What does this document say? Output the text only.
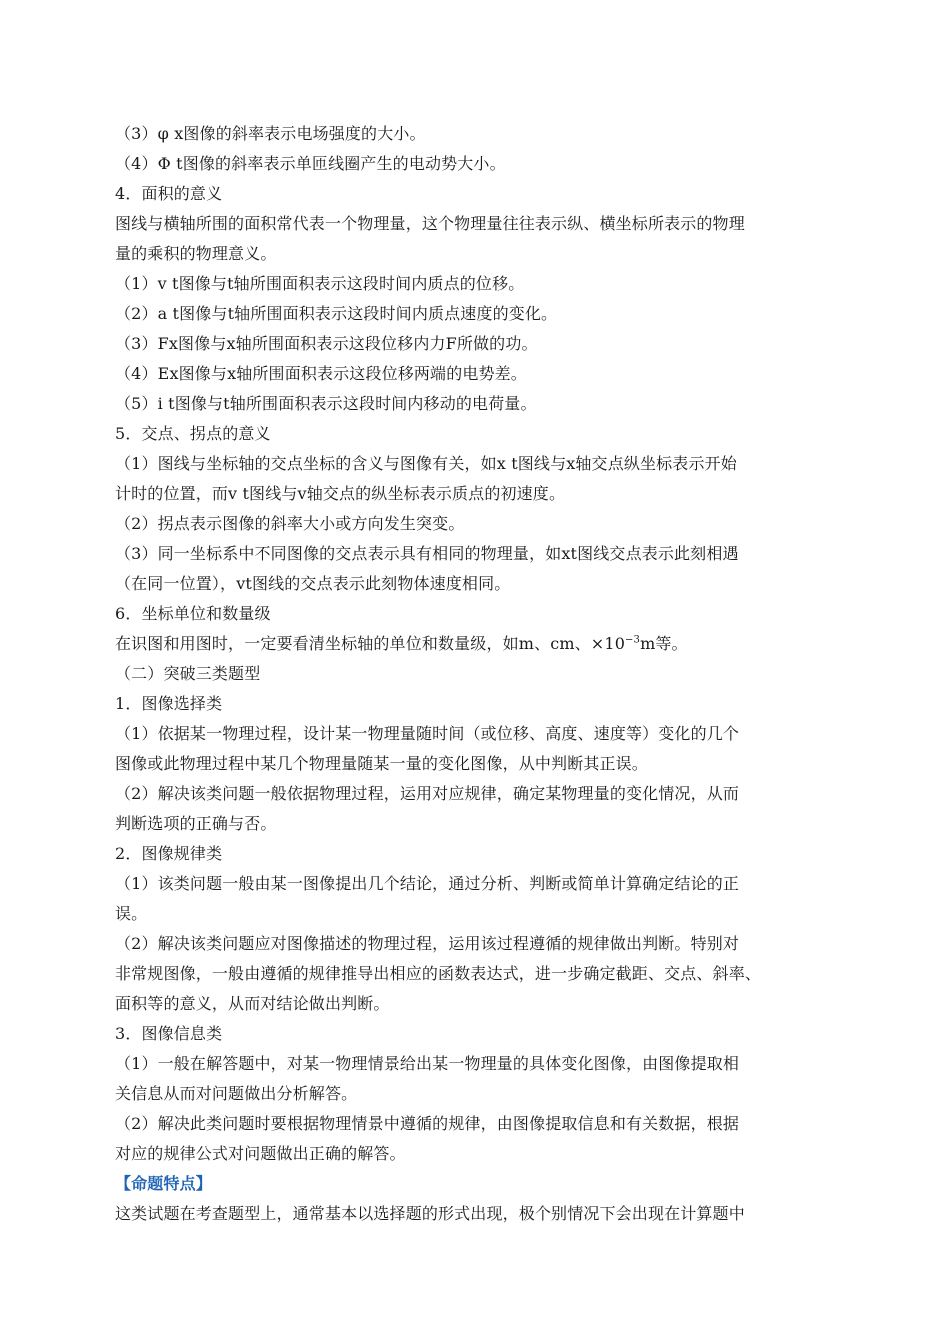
（3）φ x图像的斜率表示电场强度的大小。

（4）Φ t图像的斜率表示单匝线圈产生的电动势大小。

4．面积的意义

图线与横轴所围的面积常代表一个物理量，这个物理量往往表示纵、横坐标所表示的物理

量的乘积的物理意义。

（1）v t图像与t轴所围面积表示这段时间内质点的位移。

（2）a t图像与t轴所围面积表示这段时间内质点速度的变化。

（3）Fx图像与x轴所围面积表示这段位移内力F所做的功。

（4）Ex图像与x轴所围面积表示这段位移两端的电势差。

（5）i t图像与t轴所围面积表示这段时间内移动的电荷量。

5．交点、拐点的意义

（1）图线与坐标轴的交点坐标的含义与图像有关，如x t图线与x轴交点纵坐标表示开始

计时的位置，而v t图线与v轴交点的纵坐标表示质点的初速度。

（2）拐点表示图像的斜率大小或方向发生突变。

（3）同一坐标系中不同图像的交点表示具有相同的物理量，如xt图线交点表示此刻相遇

（在同一位置），vt图线的交点表示此刻物体速度相同。

6．坐标单位和数量级

在识图和用图时，一定要看清坐标轴的单位和数量级，如m、cm、$\times 10^{-3}m$等。

（二）突破三类题型

1．图像选择类

（1）依据某一物理过程，设计某一物理量随时间（或位移、高度、速度等）变化的几个

图像或此物理过程中某几个物理量随某一量的变化图像，从中判断其正误。

（2）解决该类问题一般依据物理过程，运用对应规律，确定某物理量的变化情况，从而

判断选项的正确与否。

2．图像规律类

（1）该类问题一般由某一图像提出几个结论，通过分析、判断或简单计算确定结论的正

误。

（2）解决该类问题应对图像描述的物理过程，运用该过程遵循的规律做出判断。特别对

非常规图像，一般由遵循的规律推导出相应的函数表达式，进一步确定截距、交点、斜率、

面积等的意义，从而对结论做出判断。

3．图像信息类

（1）一般在解答题中，对某一物理情景给出某一物理量的具体变化图像，由图像提取相

关信息从而对问题做出分析解答。

（2）解决此类问题时要根据物理情景中遵循的规律，由图像提取信息和有关数据，根据

对应的规律公式对问题做出正确的解答。

【命题特点】

这类试题在考查题型上，通常基本以选择题的形式出现，极个别情况下会出现在计算题中
